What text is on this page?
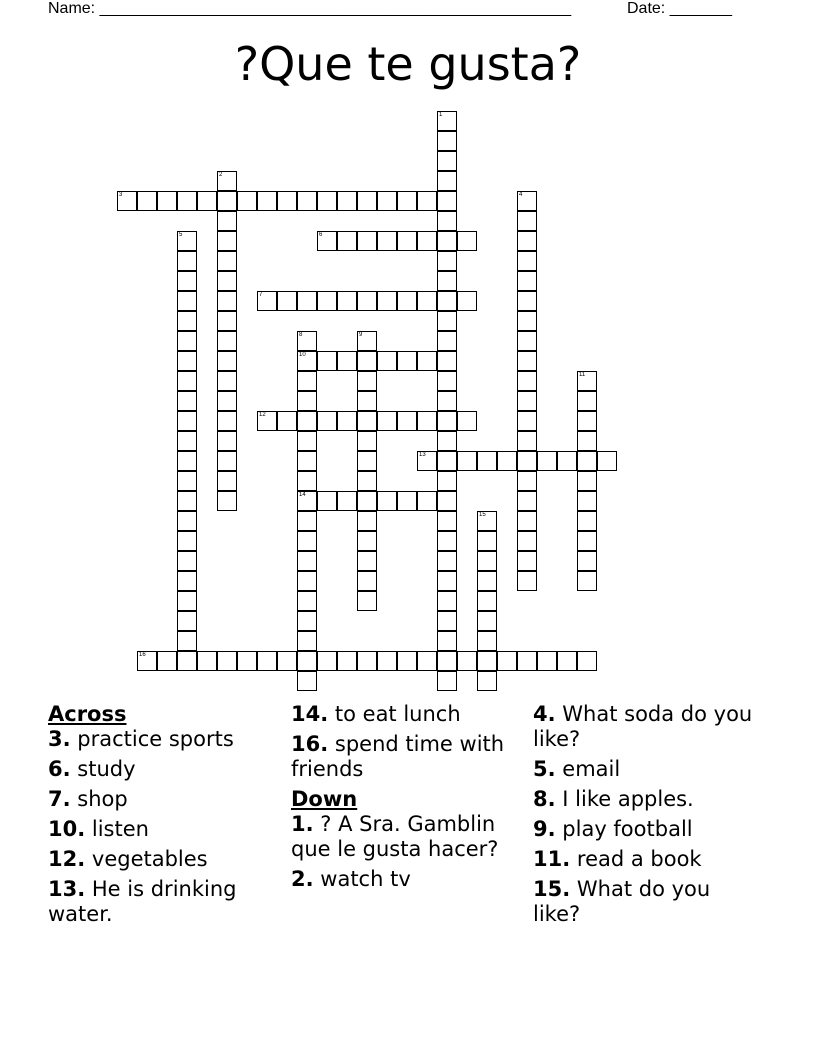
Name: _____________________________________________________	Date: _______
?Que te gusta?
1
2
3	4
5	6
7
8	9
10
11
12
13
14
15
16
Across
3. practice sports
6. study
7. shop
10. listen
12. vegetables
13. He is drinking water.
14. to eat lunch
16. spend time with friends
Down
1. ? A Sra. Gamblin que le gusta hacer?
2. watch tv
4. What soda do you like?
5. email
8. I like apples.
9. play football
11. read a book
15. What do you like?
